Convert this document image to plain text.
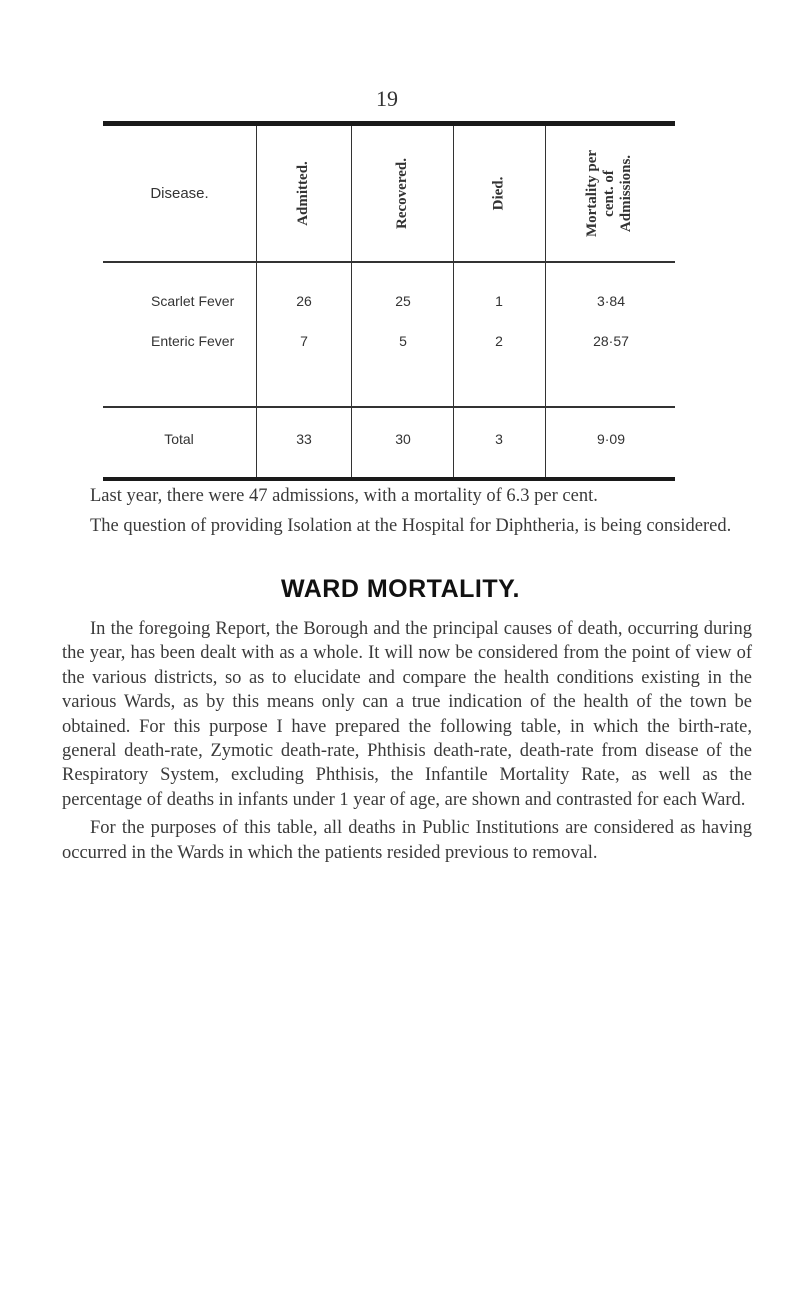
19
Disease.	Admitted.	Recovered.	Died.	Mortality per cent. of Admissions.
Scarlet Fever	26	25	1	3·84
Enteric Fever	7	5	2	28·57
Total	33	30	3	9·09

Last year, there were 47 admissions, with a mortality of 6.3 per cent.

The question of providing Isolation at the Hospital for Diphtheria, is being considered.

WARD MORTALITY.

In the foregoing Report, the Borough and the principal causes of death, occurring during the year, has been dealt with as a whole. It will now be considered from the point of view of the various districts, so as to elucidate and compare the health conditions existing in the various Wards, as by this means only can a true indication of the health of the town be obtained. For this purpose I have prepared the following table, in which the birth-rate, general death-rate, Zymotic death-rate, Phthisis death-rate, death-rate from disease of the Respiratory System, excluding Phthisis, the Infantile Mortality Rate, as well as the percentage of deaths in infants under 1 year of age, are shown and contrasted for each Ward.

For the purposes of this table, all deaths in Public Institutions are considered as having occurred in the Wards in which the patients resided previous to removal.
